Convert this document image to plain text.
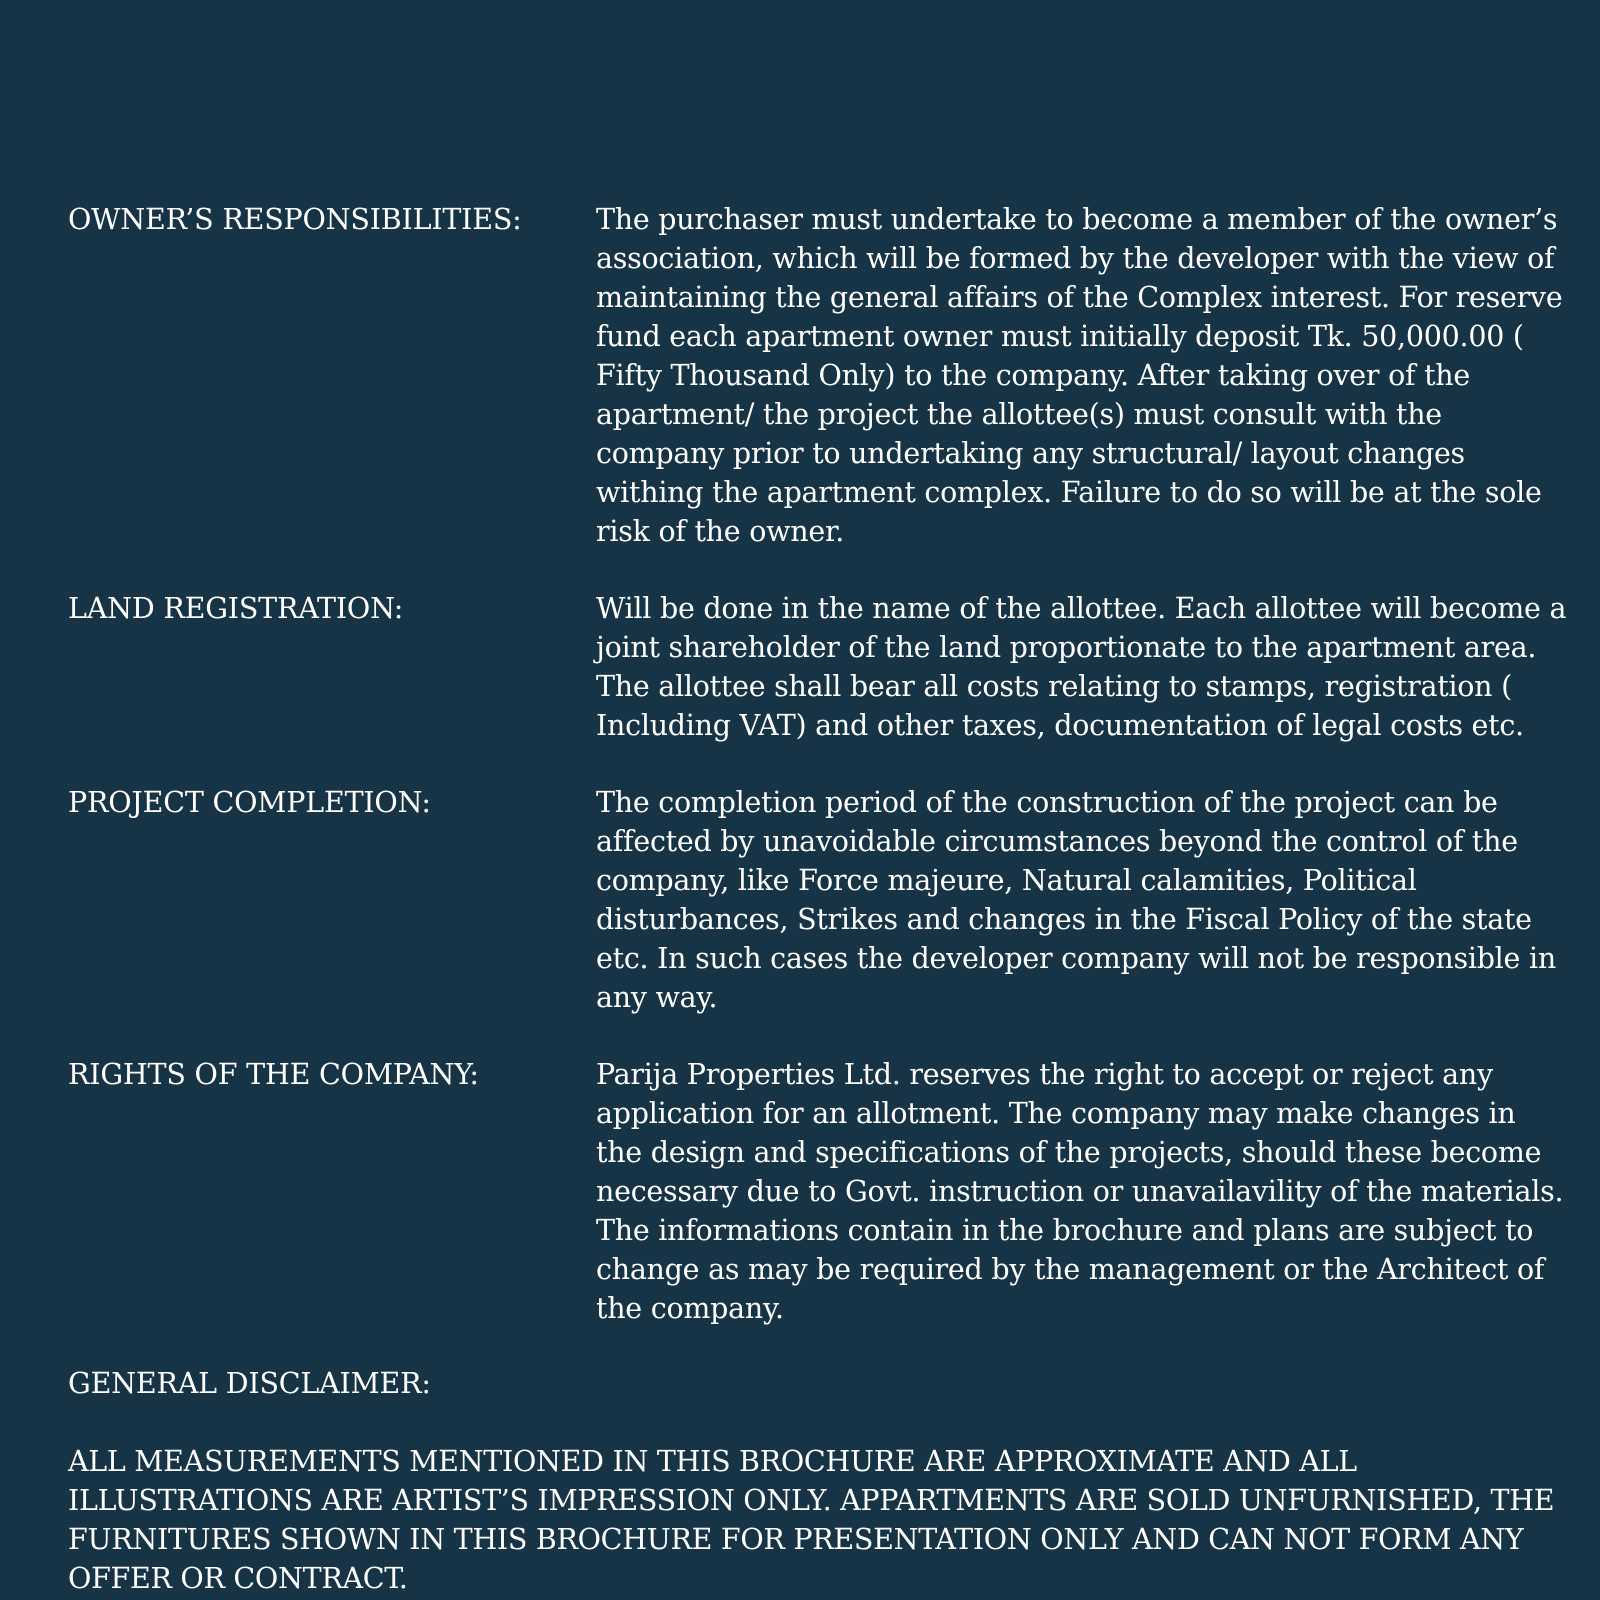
OWNER’S RESPONSIBILITIES:	The purchaser must undertake to become a member of the owner’s association, which will be formed by the developer with the view of maintaining the general affairs of the Complex interest. For reserve fund each apartment owner must initially deposit Tk. 50,000.00 ( Fifty Thousand Only) to the company. After taking over of the apartment/ the project the allottee(s) must consult with the company prior to undertaking any structural/ layout changes withing the apartment complex. Failure to do so will be at the sole risk of the owner.
LAND REGISTRATION:	Will be done in the name of the allottee. Each allottee will become a joint shareholder of the land proportionate to the apartment area. The allottee shall bear all costs relating to stamps, registration ( Including VAT) and other taxes, documentation of legal costs etc.
PROJECT COMPLETION:	The completion period of the construction of the project can be affected by unavoidable circumstances beyond the control of the company, like Force majeure, Natural calamities, Political disturbances, Strikes and changes in the Fiscal Policy of the state etc. In such cases the developer company will not be responsible in any way.
RIGHTS OF THE COMPANY:	Parija Properties Ltd. reserves the right to accept or reject any application for an allotment. The company may make changes in the design and specifications of the projects, should these become necessary due to Govt. instruction or unavailavility of the materials. The informations contain in the brochure and plans are subject to change as may be required by the management or the Architect of the company.
GENERAL DISCLAIMER:
ALL MEASUREMENTS MENTIONED IN THIS BROCHURE ARE APPROXIMATE AND ALL ILLUSTRATIONS ARE ARTIST’S IMPRESSION ONLY. APPARTMENTS ARE SOLD UNFURNISHED, THE FURNITURES SHOWN IN THIS BROCHURE FOR PRESENTATION ONLY AND CAN NOT FORM ANY OFFER OR CONTRACT.
